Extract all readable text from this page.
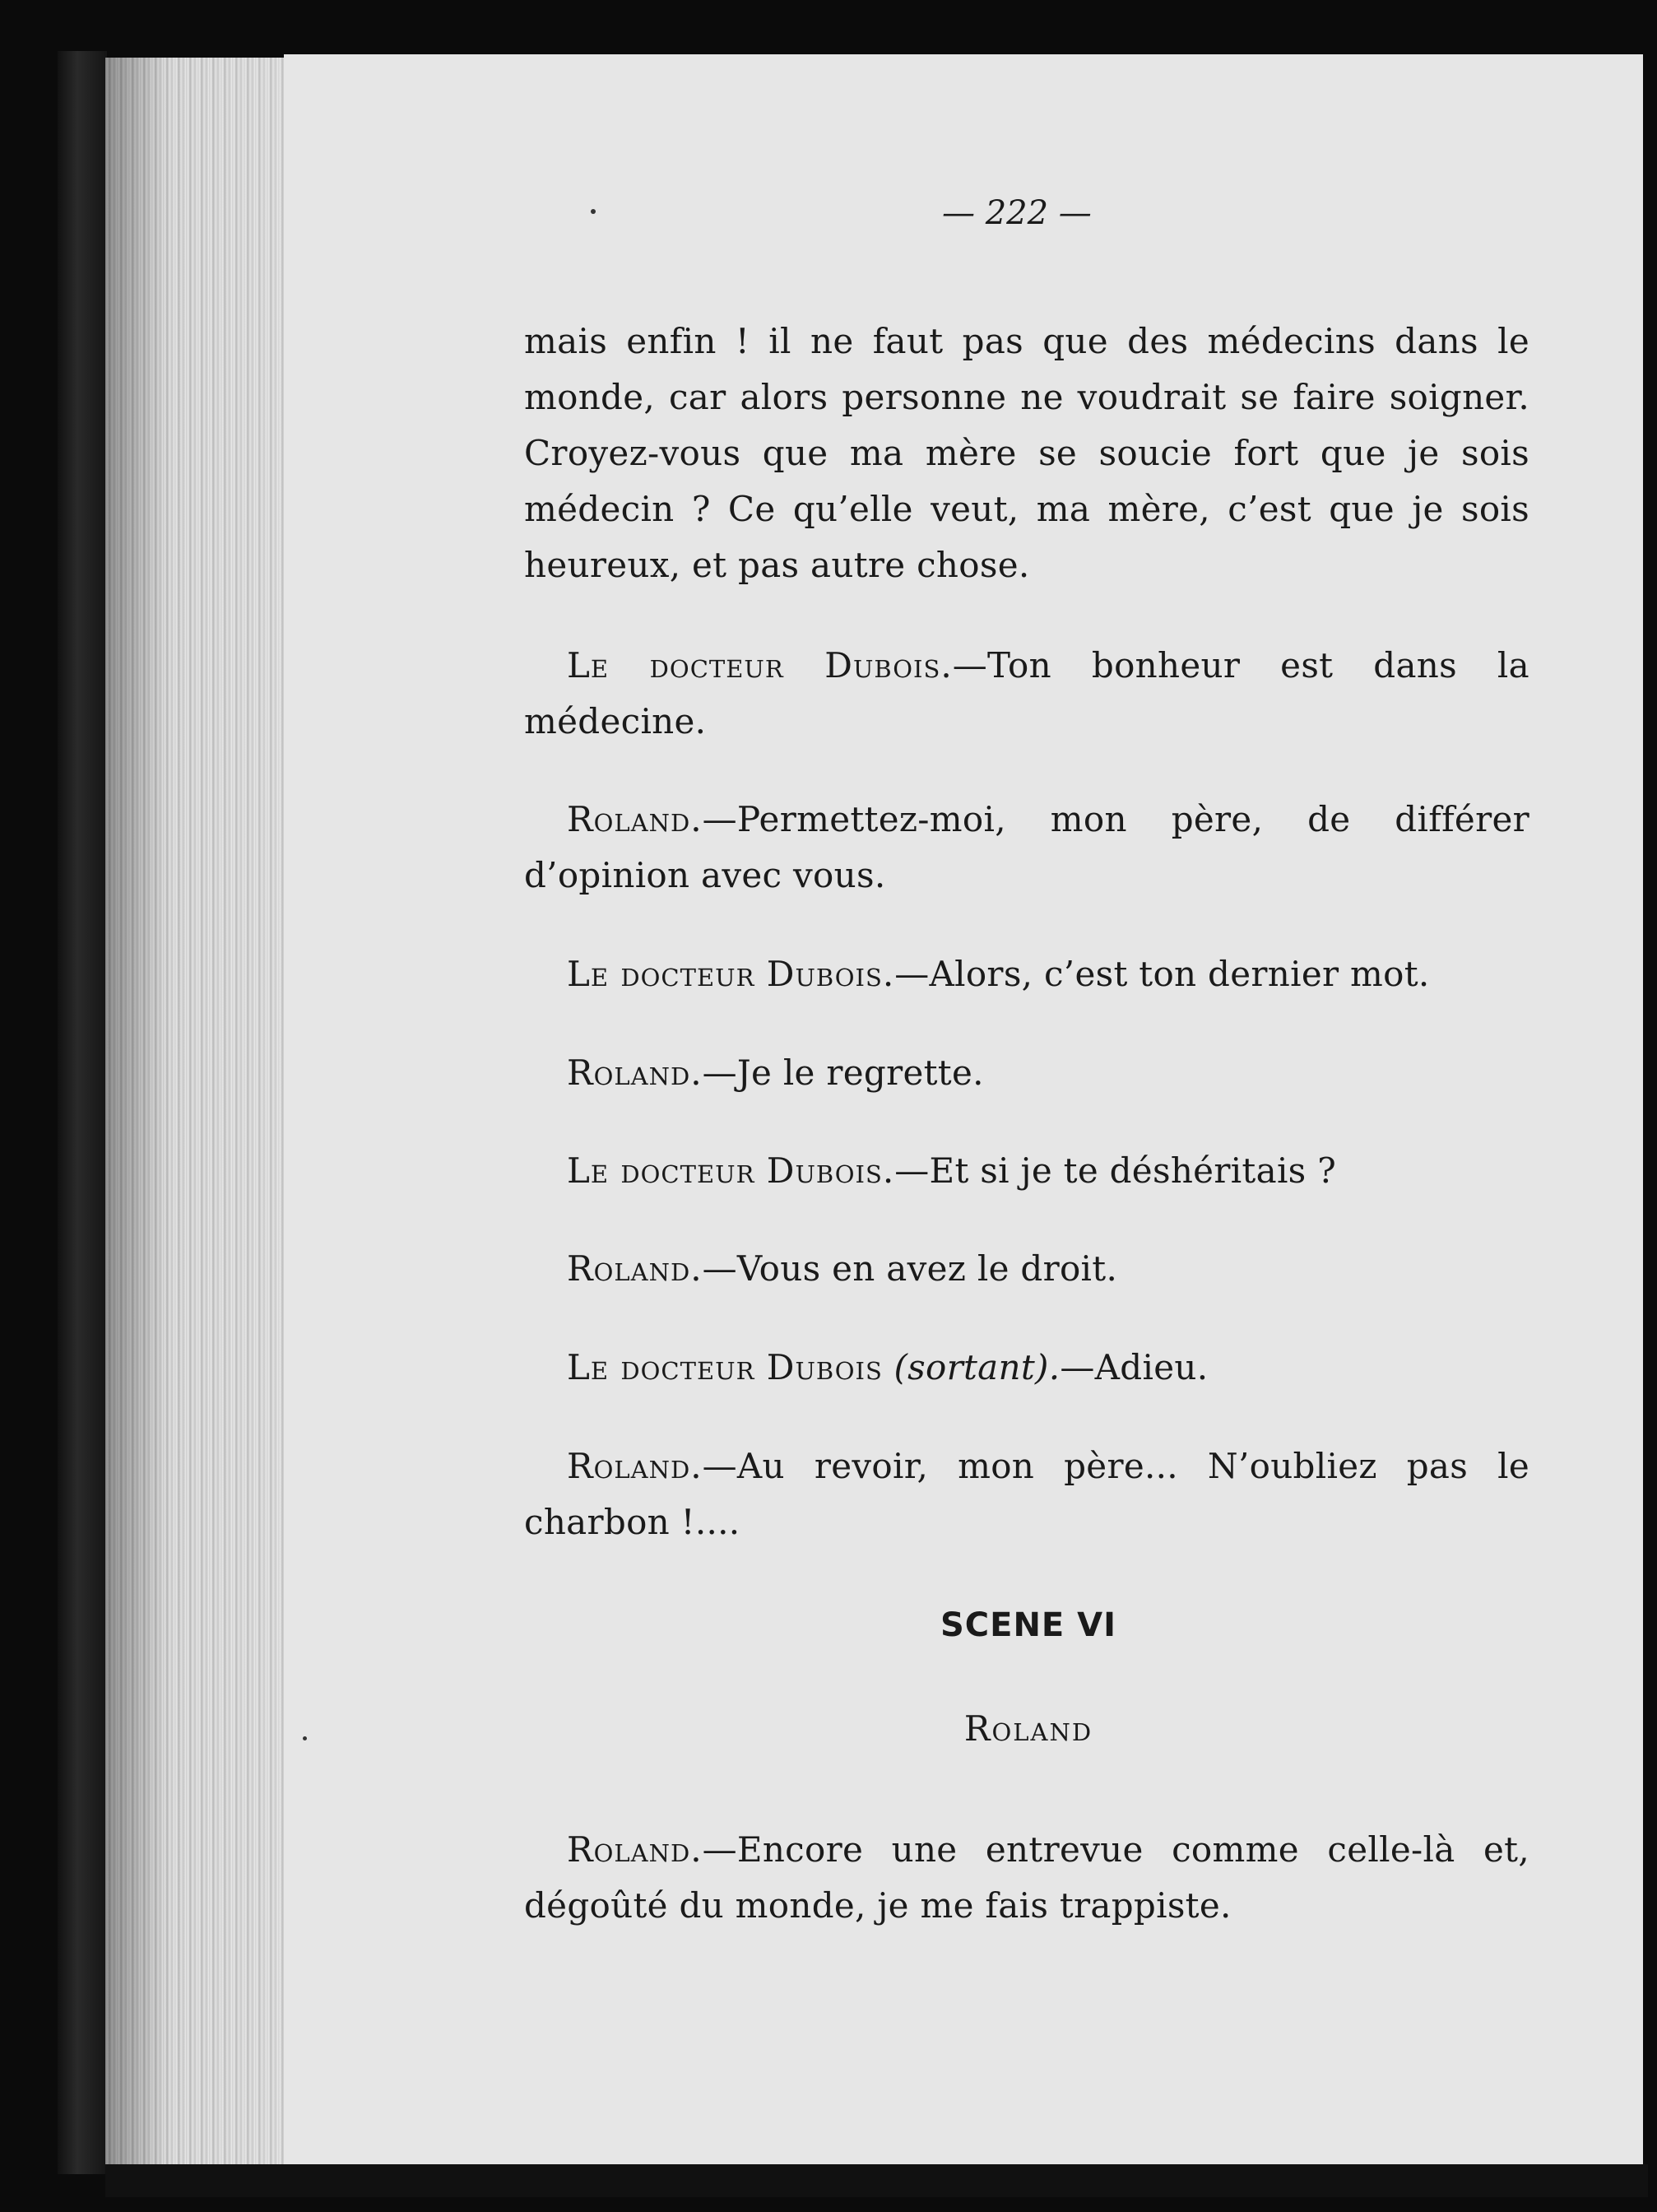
— 222 —

mais enfin ! il ne faut pas que des médecins dans le monde, car alors personne ne voudrait se faire soigner. Croyez-vous que ma mère se soucie fort que je sois médecin ? Ce qu’elle veut, ma mère, c’est que je sois heureux, et pas autre chose.

Le docteur Dubois.—Ton bonheur est dans la médecine.

Roland.—Permettez-moi, mon père, de différer d’opinion avec vous.

Le docteur Dubois.—Alors, c’est ton dernier mot.

Roland.—Je le regrette.

Le docteur Dubois.—Et si je te déshéritais ?

Roland.—Vous en avez le droit.

Le docteur Dubois (sortant).—Adieu.

Roland.—Au revoir, mon père... N’oubliez pas le charbon !....

SCENE VI
Roland

Roland.—Encore une entrevue comme celle-là et, dégoûté du monde, je me fais trappiste.
